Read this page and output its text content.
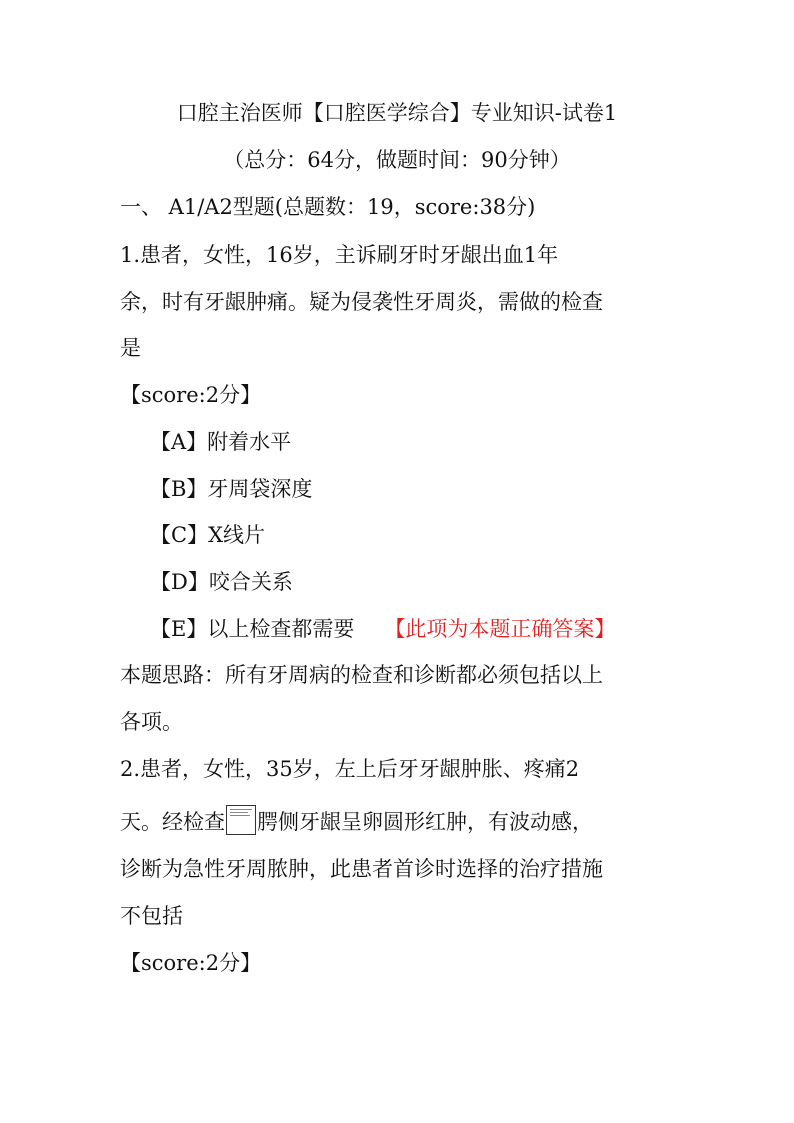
口腔主治医师【口腔医学综合】专业知识-试卷1
（总分：64分，做题时间：90分钟）
一、 A1/A2型题(总题数：19，score:38分)
1.患者，女性，16岁，主诉刷牙时牙龈出血1年
余，时有牙龈肿痛。疑为侵袭性牙周炎，需做的检查
是
【score:2分】
【A】附着水平
【B】牙周袋深度
【C】X线片
【D】咬合关系
【E】以上检查都需要 【此项为本题正确答案】
本题思路：所有牙周病的检查和诊断都必须包括以上
各项。
2.患者，女性，35岁，左上后牙牙龈肿胀、疼痛2
天。经检查 腭侧牙龈呈卵圆形红肿，有波动感，
诊断为急性牙周脓肿，此患者首诊时选择的治疗措施
不包括
【score:2分】
